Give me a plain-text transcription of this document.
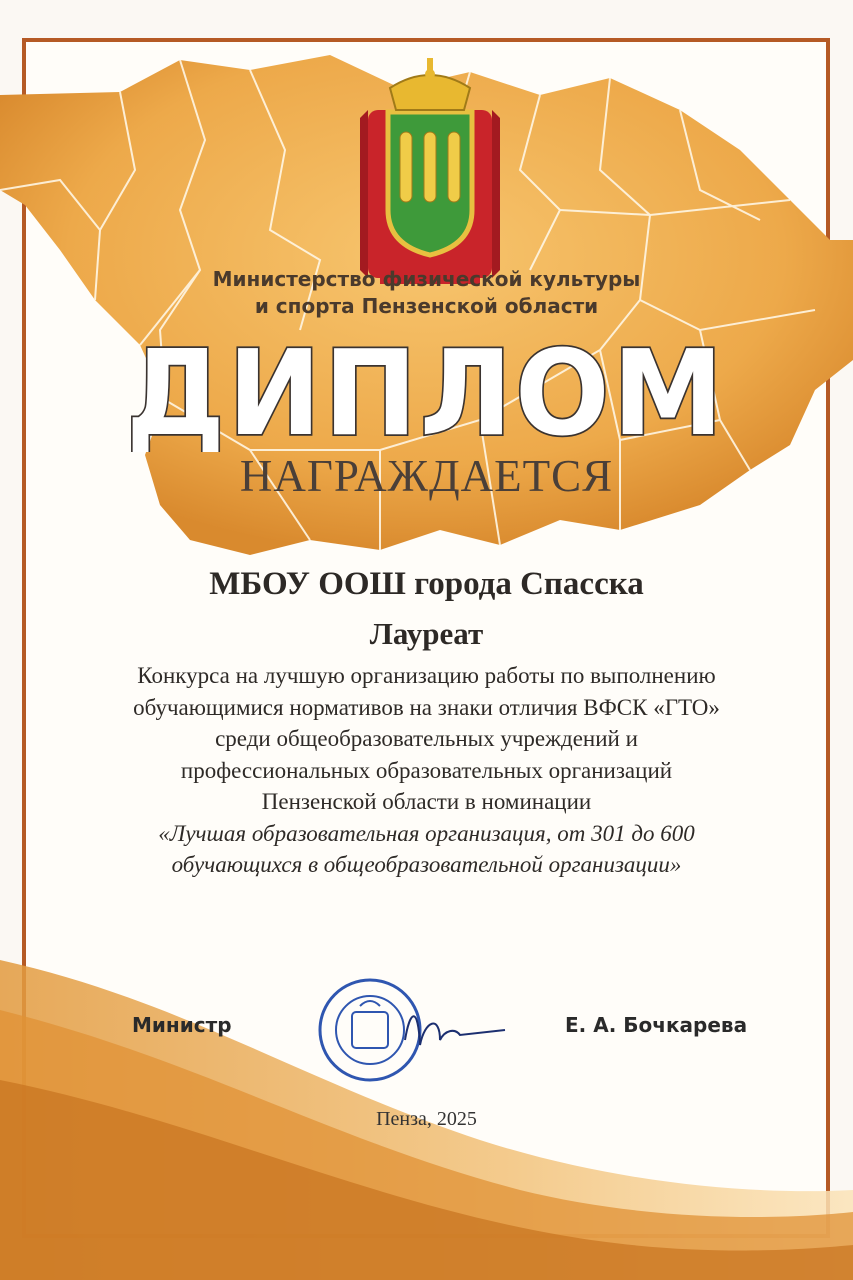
Министерство физической культуры
и спорта Пензенской области
ДИПЛОМ
НАГРАЖДАЕТСЯ
МБОУ ООШ города Спасска
Лауреат
Конкурса на лучшую организацию работы по выполнению
обучающимися нормативов на знаки отличия ВФСК «ГТО»
среди общеобразовательных учреждений и
профессиональных образовательных организаций
Пензенской области в номинации
«Лучшая образовательная организация, от 301 до 600
обучающихся в общеобразовательной организации»
Министр	Е. А. Бочкарева
Пенза, 2025
